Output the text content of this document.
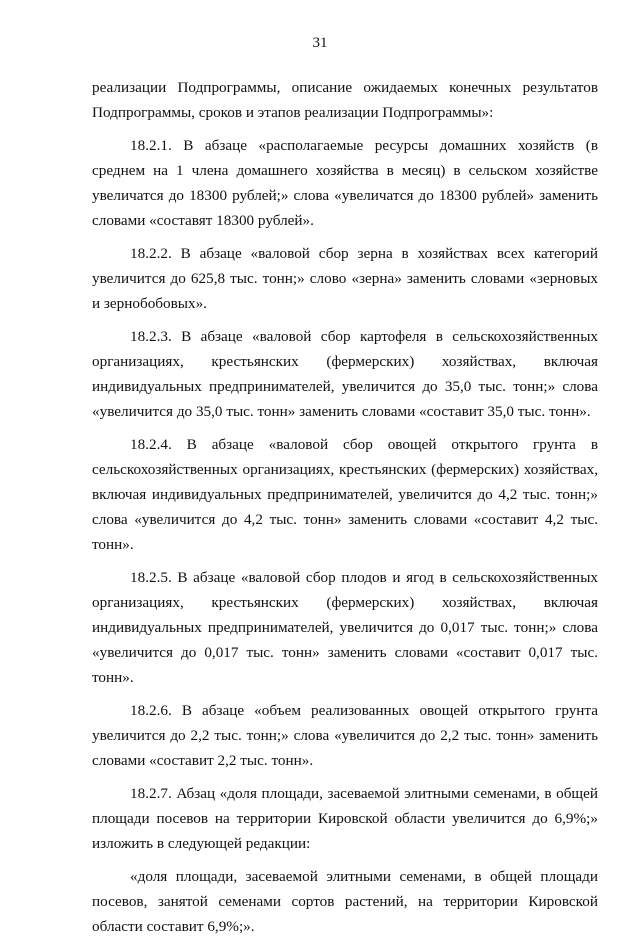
31

реализации Подпрограммы, описание ожидаемых конечных результатов Подпрограммы, сроков и этапов реализации Подпрограммы»:

18.2.1. В абзаце «располагаемые ресурсы домашних хозяйств (в среднем на 1 члена домашнего хозяйства в месяц) в сельском хозяйстве увеличатся до 18300 рублей;» слова «увеличатся до 18300 рублей» заменить словами «составят 18300 рублей».

18.2.2. В абзаце «валовой сбор зерна в хозяйствах всех категорий увеличится до 625,8 тыс. тонн;» слово «зерна» заменить словами «зерновых и зернобобовых».

18.2.3. В абзаце «валовой сбор картофеля в сельскохозяйственных организациях, крестьянских (фермерских) хозяйствах, включая индивидуальных предпринимателей, увеличится до 35,0 тыс. тонн;» слова «увеличится до 35,0 тыс. тонн» заменить словами «составит 35,0 тыс. тонн».

18.2.4. В абзаце «валовой сбор овощей открытого грунта в сельскохозяйственных организациях, крестьянских (фермерских) хозяйствах, включая индивидуальных предпринимателей, увеличится до 4,2 тыс. тонн;» слова «увеличится до 4,2 тыс. тонн» заменить словами «составит 4,2 тыс. тонн».

18.2.5. В абзаце «валовой сбор плодов и ягод в сельскохозяйственных организациях, крестьянских (фермерских) хозяйствах, включая индивидуальных предпринимателей, увеличится до 0,017 тыс. тонн;» слова «увеличится до 0,017 тыс. тонн» заменить словами «составит 0,017 тыс. тонн».

18.2.6. В абзаце «объем реализованных овощей открытого грунта увеличится до 2,2 тыс. тонн;» слова «увеличится до 2,2 тыс. тонн» заменить словами «составит 2,2 тыс. тонн».

18.2.7. Абзац «доля площади, засеваемой элитными семенами, в общей площади посевов на территории Кировской области увеличится до 6,9%;» изложить в следующей редакции:

«доля площади, засеваемой элитными семенами, в общей площади посевов, занятой семенами сортов растений, на территории Кировской области составит 6,9%;».
